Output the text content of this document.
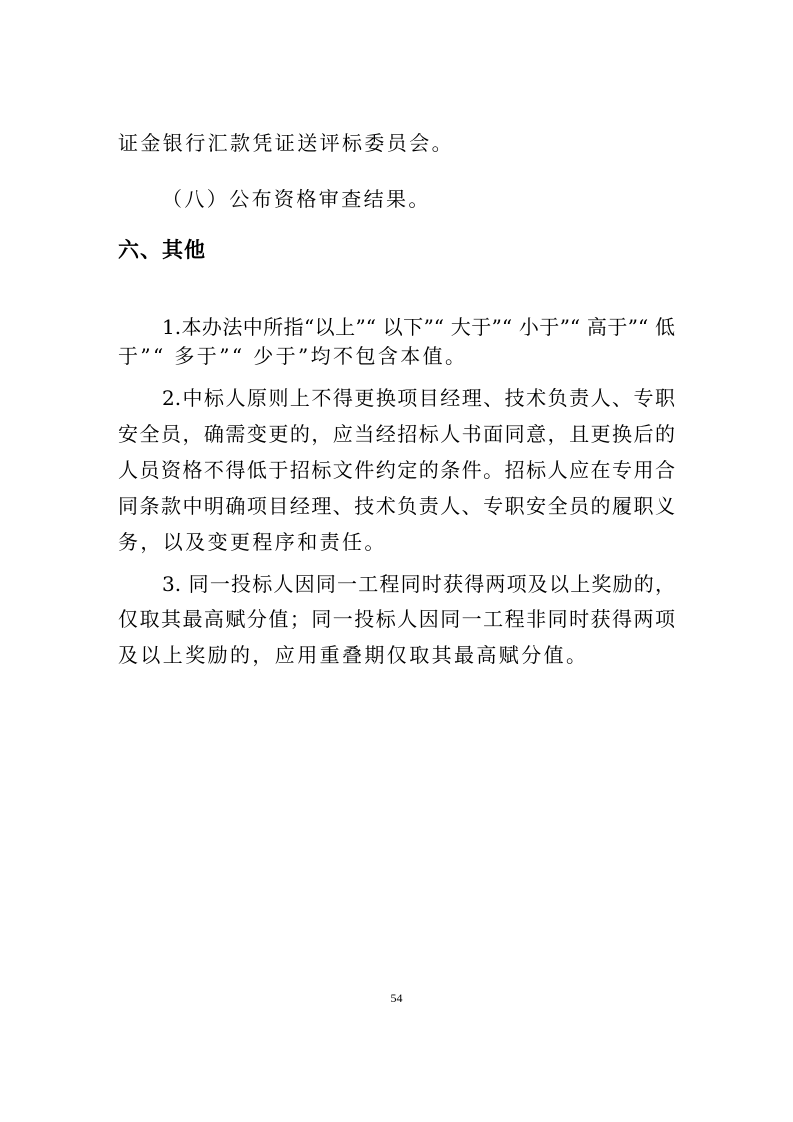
证金银行汇款凭证送评标委员会。
（八）公布资格审查结果。
六、其他
1.本办法中所指“以上”“ 以下”“ 大于”“ 小于”“ 高于”“ 低
于”“ 多于”“ 少于”均不包含本值。
2.中标人原则上不得更换项目经理、技术负责人、专职
安全员，确需变更的，应当经招标人书面同意，且更换后的
人员资格不得低于招标文件约定的条件。招标人应在专用合
同条款中明确项目经理、技术负责人、专职安全员的履职义
务，以及变更程序和责任。
3. 同一投标人因同一工程同时获得两项及以上奖励的，
仅取其最高赋分值；同一投标人因同一工程非同时获得两项
及以上奖励的，应用重叠期仅取其最高赋分值。
54
